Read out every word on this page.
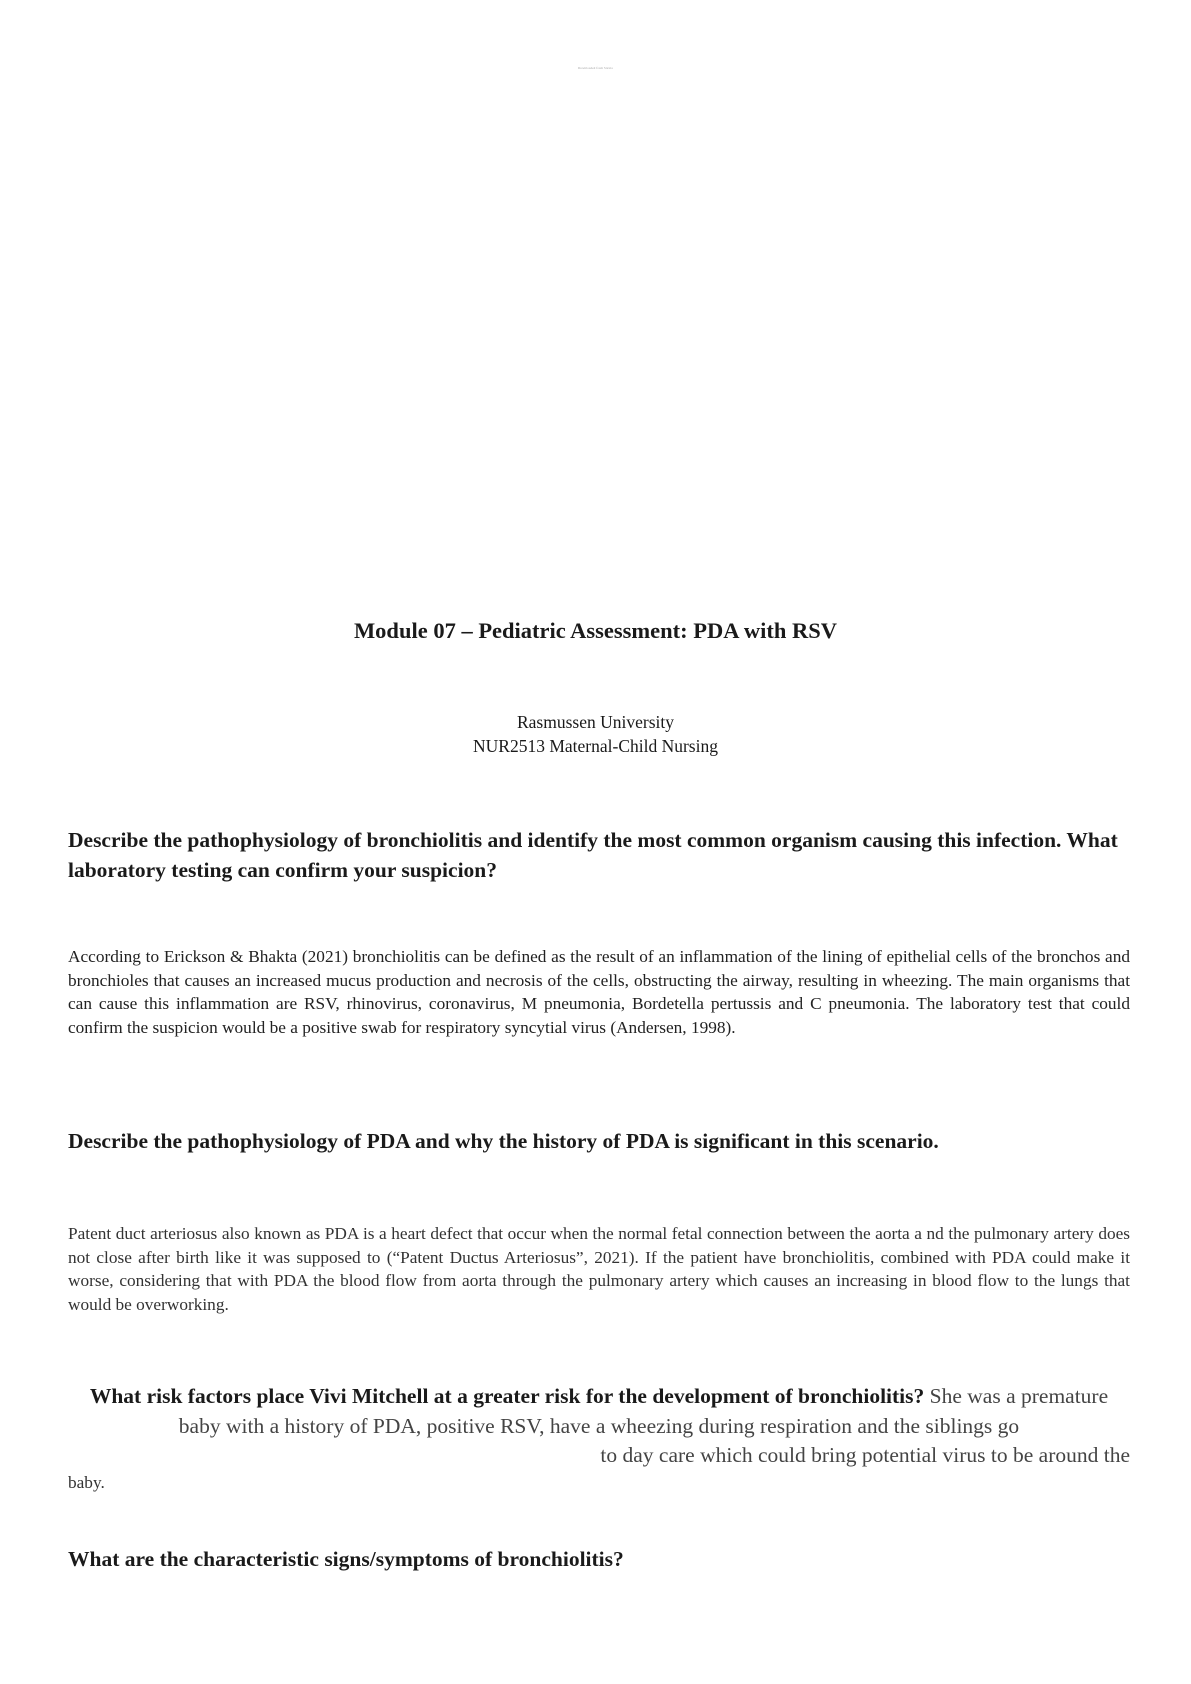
Downloaded from Stuvia
Module 07 – Pediatric Assessment: PDA with RSV
Rasmussen University
NUR2513 Maternal-Child Nursing
Describe the pathophysiology of bronchiolitis and identify the most common organism causing this infection. What laboratory testing can confirm your suspicion?

According to Erickson & Bhakta (2021) bronchiolitis can be defined as the result of an inflammation of the lining of epithelial cells of the bronchos and bronchioles that causes an increased mucus production and necrosis of the cells, obstructing the airway, resulting in wheezing. The main organisms that can cause this inflammation are RSV, rhinovirus, coronavirus, M pneumonia, Bordetella pertussis and C pneumonia. The laboratory test that could confirm the suspicion would be a positive swab for respiratory syncytial virus (Andersen, 1998).

Describe the pathophysiology of PDA and why the history of PDA is significant in this scenario.

Patent duct arteriosus also known as PDA is a heart defect that occur when the normal fetal connection between the aorta a nd the pulmonary artery does not close after birth like it was supposed to (“Patent Ductus Arteriosus”, 2021). If the patient have bronchiolitis, combined with PDA could make it worse, considering that with PDA the blood flow from aorta through the pulmonary artery which causes an increasing in blood flow to the lungs that would be overworking.

What risk factors place Vivi Mitchell at a greater risk for the development of bronchiolitis? She was a premature baby with a history of PDA, positive RSV, have a wheezing during respiration and the siblings go
to day care which could bring potential virus to be around the
baby.
What are the characteristic signs/symptoms of bronchiolitis?
